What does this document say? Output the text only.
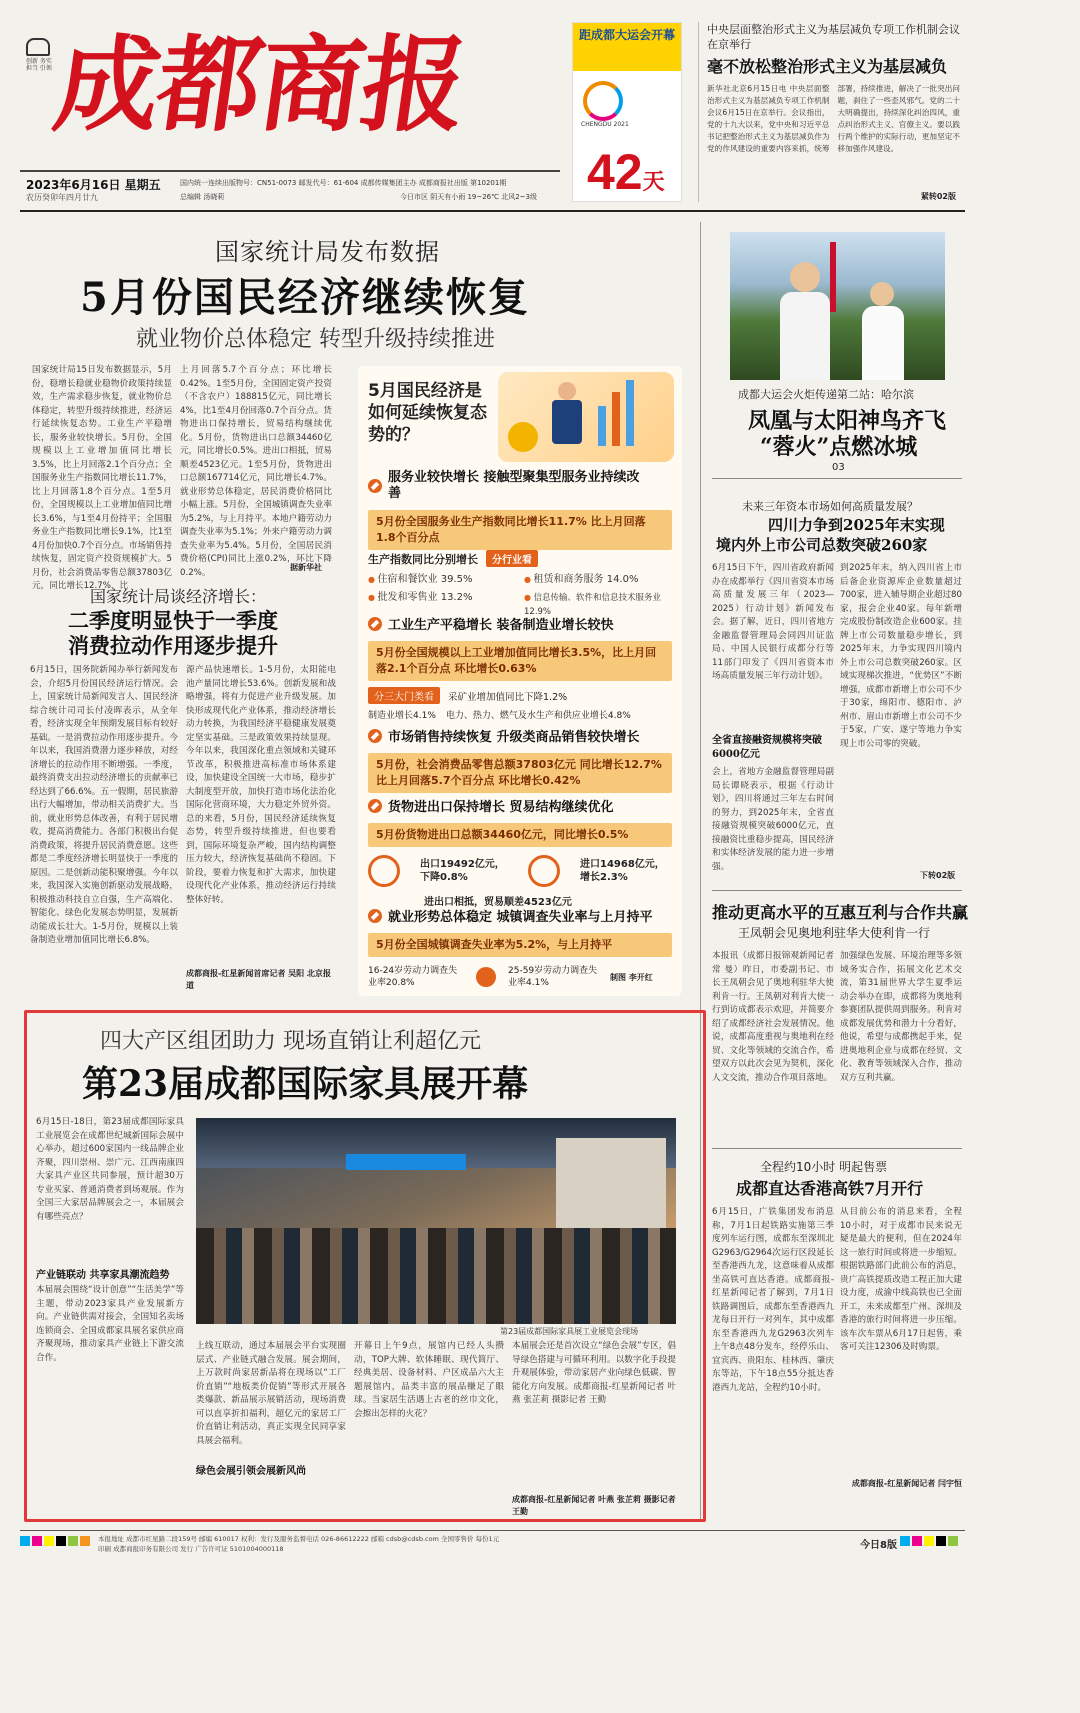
创新 务实 担当 引领
成都商报
2023年6月16日 星期五
农历癸卯年四月廿九
国内统一连续出版物号：CN51-0073 邮发代号：61-604 成都传媒集团主办 成都商报社出版 第10201期
总编辑 汤晓莉	今日市区 阴天有小雨 19~26℃ 北风2~3级
距成都大运会开幕
CHENGDU 2021
42 天
中央层面整治形式主义为基层减负专项工作机制会议在京举行
毫不放松整治形式主义为基层减负
新华社北京6月15日电 中央层面整治形式主义为基层减负专项工作机制会议6月15日在京举行。会议指出，党的十九大以来，党中央和习近平总书记把整治形式主义为基层减负作为党的作风建设的重要内容来抓，统筹部署，持续推进，解决了一批突出问题，刹住了一些歪风邪气。党的二十大明确提出，持续深化纠治四风，重点纠治形式主义、官僚主义。要以践行两个维护的实际行动，更加坚定不移加强作风建设。
紧转02版
国家统计局发布数据
5月份国民经济继续恢复
就业物价总体稳定 转型升级持续推进
国家统计局15日发布数据显示，5月份，稳增长稳就业稳物价政策持续显效，生产需求稳步恢复，就业物价总体稳定，转型升级持续推进，经济运行延续恢复态势。工业生产平稳增长，服务业较快增长。5月份，全国规模以上工业增加值同比增长3.5%，比上月回落2.1个百分点；全国服务业生产指数同比增长11.7%，比上月回落1.8个百分点。1至5月份，全国规模以上工业增加值同比增长3.6%，与1至4月份持平；全国服务业生产指数同比增长9.1%，比1至4月份加快0.7个百分点。市场销售持续恢复，固定资产投资规模扩大。5月份，社会消费品零售总额37803亿元，同比增长12.7%，比
上月回落5.7个百分点；环比增长0.42%。1至5月份，全国固定资产投资（不含农户）188815亿元，同比增长4%，比1至4月份回落0.7个百分点。货物进出口保持增长，贸易结构继续优化。5月份，货物进出口总额34460亿元，同比增长0.5%。进出口相抵，贸易顺差4523亿元。1至5月份，货物进出口总额167714亿元，同比增长4.7%。就业形势总体稳定，居民消费价格同比小幅上涨。5月份，全国城镇调查失业率为5.2%，与上月持平。本地户籍劳动力调查失业率为5.1%；外来户籍劳动力调查失业率为5.4%。5月份，全国居民消费价格(CPI)同比上涨0.2%，环比下降0.2%。	据新华社
国家统计局谈经济增长：
二季度明显快于一季度
消费拉动作用逐步提升
6月15日，国务院新闻办举行新闻发布会，介绍5月份国民经济运行情况。会上，国家统计局新闻发言人、国民经济综合统计司司长付凌晖表示，从全年看，经济实现全年预期发展目标有较好基础。一是消费拉动作用逐步提升。今年以来，我国消费潜力逐步释放，对经济增长的拉动作用不断增强。一季度，最终消费支出拉动经济增长的贡献率已经达到了66.6%。五一假期，居民旅游出行大幅增加，带动相关消费扩大。当前，就业形势总体改善，有利于居民增收，提高消费能力。各部门积极出台促消费政策，将提升居民消费意愿。这些都是二季度经济增长明显快于一季度的原因。二是创新动能积聚增强。今年以来，我国深入实施创新驱动发展战略，积极推动科技自立自强，生产高端化、智能化、绿色化发展态势明显，发展新动能成长壮大。1-5月份，规模以上装备制造业增加值同比增长6.8%。
源产品快速增长。1-5月份，太阳能电池产量同比增长53.6%。创新发展和战略增强，将有力促进产业升级发展。加快形成现代化产业体系，推动经济增长动力转换，为我国经济平稳健康发展奠定坚实基础。三是政策效果持续显现。今年以来，我国深化重点领域和关键环节改革，积极推进高标准市场体系建设，加快建设全国统一大市场，稳步扩大制度型开放，加快打造市场化法治化国际化营商环境，大力稳定外贸外资。总的来看，5月份，国民经济延续恢复态势，转型升级持续推进，但也要看到，国际环境复杂严峻，国内结构调整压力较大，经济恢复基础尚不稳固。下阶段，要着力恢复和扩大需求，加快建设现代化产业体系，推动经济运行持续整体好转。
成都商报-红星新闻首席记者 吴阳 北京报道
5月国民经济是如何延续恢复态势的？
服务业较快增长 接触型聚集型服务业持续改善
5月份全国服务业生产指数同比增长11.7% 比上月回落1.8个百分点
生产指数同比分别增长	分行业看
● 住宿和餐饮业 39.5%	● 租赁和商务服务 14.0%
● 批发和零售业 13.2%	● 信息传输、软件和信息技术服务业 12.9%
工业生产平稳增长 装备制造业增长较快
5月份全国规模以上工业增加值同比增长3.5%，比上月回落2.1个百分点 环比增长0.63%
分三大门类看	采矿业增加值同比下降1.2%
制造业增长4.1% 电力、热力、燃气及水生产和供应业增长4.8%
市场销售持续恢复 升级类商品销售较快增长
5月份，社会消费品零售总额37803亿元 同比增长12.7% 比上月回落5.7个百分点 环比增长0.42%
货物进出口保持增长 贸易结构继续优化
5月份货物进出口总额34460亿元，同比增长0.5%
出口19492亿元，下降0.8%
进口14968亿元，增长2.3%
进出口相抵，贸易顺差4523亿元
就业形势总体稳定 城镇调查失业率与上月持平
5月份全国城镇调查失业率为5.2%，与上月持平
16-24岁劳动力调查失业率20.8%
25-59岁劳动力调查失业率4.1%
制图 李开红
成都大运会火炬传递第二站：哈尔滨
凤凰与太阳神鸟齐飞
“蓉火”点燃冰城
03
未来三年资本市场如何高质量发展？
四川力争到2025年末实现
境内外上市公司总数突破260家
6月15日下午，四川省政府新闻办在成都举行《四川省资本市场高质量发展三年（2023—2025）行动计划》新闻发布会。据了解，近日，四川省地方金融监督管理局会同四川证监局、中国人民银行成都分行等11部门印发了《四川省资本市场高质量发展三年行动计划》。
全省直接融资规模将突破6000亿元
会上，省地方金融监督管理局副局长谭晓表示，根据《行动计划》，四川将通过三年左右时间的努力，到2025年末，全省直接融资规模突破6000亿元，直接融资比重稳步提高，国民经济和实体经济发展的能力进一步增强。
到2025年末，纳入四川省上市后备企业资源库企业数量超过700家，进入辅导期企业超过80家，报会企业40家。每年新增完成股份制改造企业600家。挂牌上市公司数量稳步增长，到2025年末，力争实现四川境内外上市公司总数突破260家。区域实现梯次推进，“优势区”不断增强，成都市新增上市公司不少于30家，绵阳市、德阳市、泸州市、眉山市新增上市公司不少于5家，广安、遂宁等地力争实现上市公司零的突破。
下转02版
推动更高水平的互惠互利与合作共赢
王凤朝会见奥地利驻华大使利肯一行
本报讯（成都日报锦观新闻记者 常 曼）昨日，市委副书记、市长王凤朝会见了奥地利驻华大使利肯一行。王凤朝对利肯大使一行到访成都表示欢迎，并简要介绍了成都经济社会发展情况。他说，成都高度重视与奥地利在经贸、文化等领域的交流合作，希望双方以此次会见为契机，深化人文交流，推动合作项目落地。
加强绿色发展、环境治理等多领域务实合作，拓展文化艺术交流，第31届世界大学生夏季运动会举办在即，成都将为奥地利参赛团队提供周到服务。利肯对成都发展优势和潜力十分看好，他说，希望与成都携起手来，促进奥地利企业与成都在经贸、文化、教育等领域深入合作，推动双方互利共赢。
全程约10小时 明起售票
成都直达香港高铁7月开行
6月15日，广铁集团发布消息称，7月1日起铁路实施第三季度列车运行图，成都东至深圳北G2963/G2964次运行区段延长至香港西九龙，这意味着从成都坐高铁可直达香港。成都商报-红星新闻记者了解到，7月1日铁路调图后，成都东至香港西九龙每日开行一对列车，其中成都东至香港西九龙G2963次列车上午8点48分发车，经停乐山、宜宾西、贵阳东、桂林西、肇庆东等站，下午18点55分抵达香港西九龙站，全程约10小时。
从目前公布的消息来看，全程10小时，对于成都市民来说无疑是最大的便利，但在2024年这一旅行时间或将进一步缩短。根据铁路部门此前公布的消息，贵广高铁提质改造工程正加大建设力度，成渝中线高铁也已全面开工，未来成都至广州、深圳及香港的旅行时间将进一步压缩。该车次车票从6月17日起售，乘客可关注12306及时购票。
成都商报-红星新闻记者 闫宇恒
四大产区组团助力 现场直销让利超亿元
第23届成都国际家具展开幕
6月15日-18日，第23届成都国际家具工业展览会在成都世纪城新国际会展中心举办，超过600家国内一线品牌企业齐聚，四川崇州、崇广元、江西南康四大家具产业区共同参展，预计超30万专业买家、普通消费者到场观展。作为全国三大家居品牌展会之一，本届展会有哪些亮点？
产业链联动 共享家具潮流趋势
本届展会围绕“设计创意”“生活美学”等主题，带动2023家具产业发展新方向。产业链供需对接会，全国知名卖场连锁商会、全国成都家具展名家供应商齐聚现场，推动家具产业链上下游交流合作。
第23届成都国际家具展工业展览会现场
上线互联动，通过本届展会平台实现圈层式、产业链式融合发展。展会期间，上万款时尚家居新品将在现场以“工厂价直销”“地板类价促销”等形式开展各类爆款、新品展示展销活动，现场消费可以直享折扣福利，超亿元的家居工厂价直销让利活动，真正实现全民同享家具展会福利。
绿色会展引领会展新风尚
开幕日上午9点，展馆内已经人头攒动，TOP大牌、软体睡眠、现代简厅、经典美居、设备材料、户区成品六大主题展馆内，品类丰富的展品赚足了眼球。当家居生活遇上古老的丝巾文化，会擦出怎样的火花？
本届展会还是首次设立“绿色会展”专区，倡导绿色搭建与可循环利用。以数字化手段提升观展体验，带动家居产业向绿色低碳、智能化方向发展。成都商报-红星新闻记者 叶燕 张芷莉 摄影记者 王勤
成都商报-红星新闻记者 叶燕 张芷莉 摄影记者 王勤
本报地址 成都市红星路二段159号 邮编 610017 权利：发行及服务监督电话 026-86612222 邮箱 cdsb@cdsb.com 全国零售价 每份1元
印刷 成都商报印务有限公司 发行 广告许可证 5101004000118	今日8版
